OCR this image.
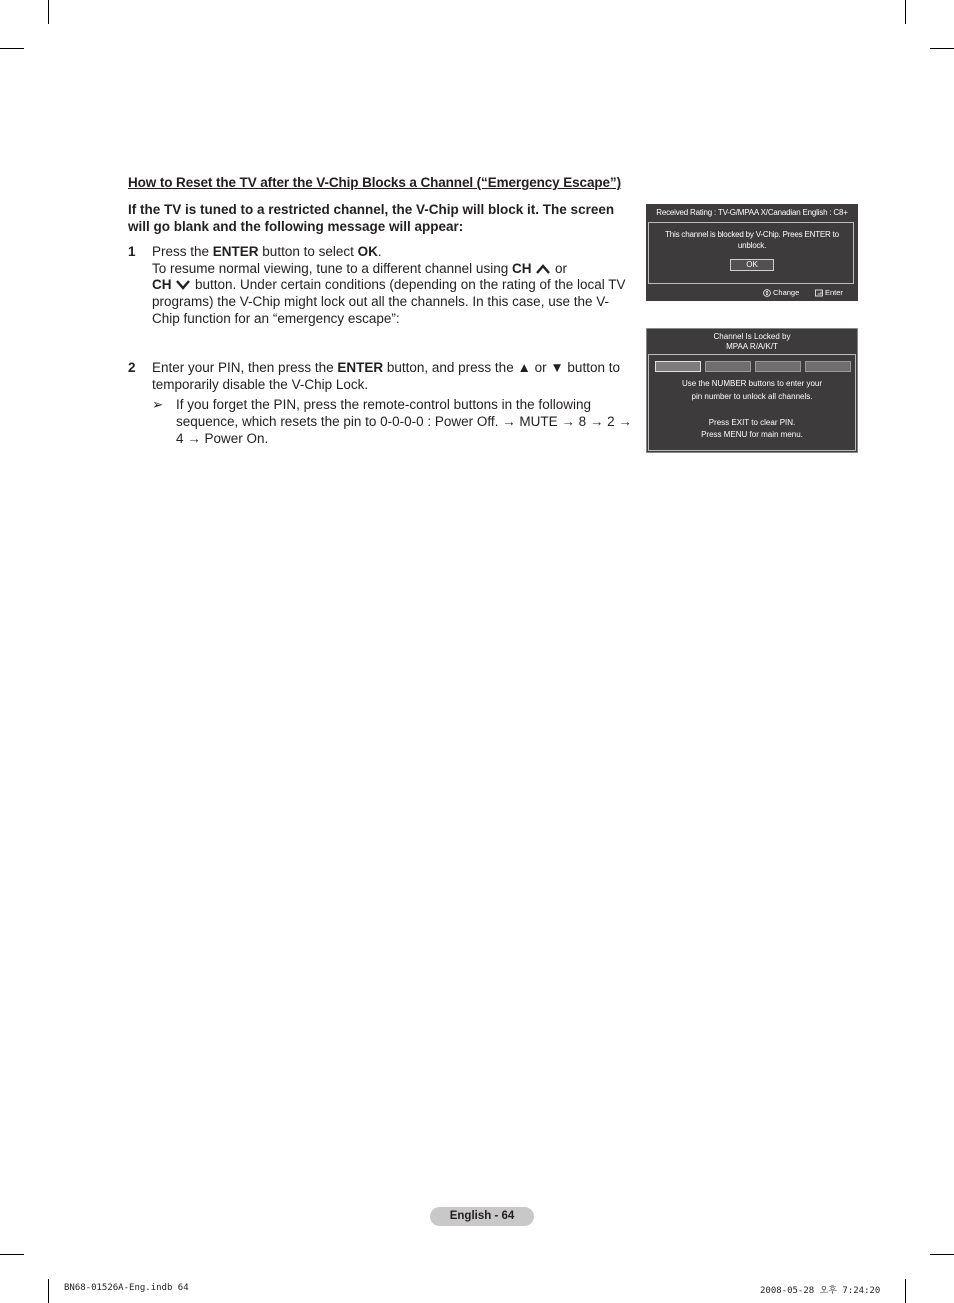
How to Reset the TV after the V-Chip Blocks a Channel (“Emergency Escape”)
If the TV is tuned to a restricted channel, the V-Chip will block it. The screen will go blank and the following message will appear:
1 Press the ENTER button to select OK.
To resume normal viewing, tune to a different channel using CH  or
CH  button. Under certain conditions (depending on the rating of the local TV programs) the V-Chip might lock out all the channels. In this case, use the V-Chip function for an “emergency escape”:
2 Enter your PIN, then press the ENTER button, and press the ▲ or ▼ button to temporarily disable the V-Chip Lock.
➢ If you forget the PIN, press the remote-control buttons in the following sequence, which resets the pin to 0-0-0-0 : Power Off. → MUTE → 8 → 2 → 4 → Power On.
Received Rating : TV-G/MPAA X/Canadian English : C8+
This channel is blocked by V-Chip. Prees ENTER to unblock.
OK
Change	Enter
Channel Is Locked by
MPAA R/A/K/T
Use the NUMBER buttons to enter your
pin number to unlock all channels.
Press EXIT to clear PIN.
Press MENU for main menu.
English - 64
BN68-01526A-Eng.indb 64	2008-05-28 오후 7:24:20
